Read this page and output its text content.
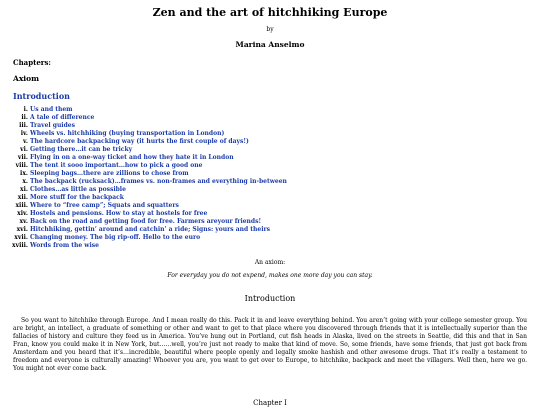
Zen and the art of hitchhiking Europe
by
Marina Anselmo
Chapters:
Axiom
Introduction
i. Us and them
ii. A tale of difference
iii. Travel guides
iv. Wheels vs. hitchhiking (buying transportation in London)
v. The hardcore backpacking way (it hurts the first couple of days!)
vi. Getting there…it can be tricky
vii. Flying in on a one-way ticket and how they hate it in London
viii. The tent it sooo important…how to pick a good one
ix. Sleeping bags…there are zillions to chose from
x. The backpack (rucksack)…frames vs. non-frames and everything in-between
xi. Clothes…as little as possible
xii. More stuff for the backpack
xiii. Where to “free camp”; Squats and squatters
xiv. Hostels and pensions. How to stay at hostels for free
xv. Back on the road and getting food for free. Farmers areyour friends!
xvi. Hitchhiking, gettin’ around and catchin’ a ride; Signs: yours and theirs
xvii. Changing money. The big rip-off. Hello to the euro
xviii. Words from the wise
An axiom:
For everyday you do not expend, makes one more day you can stay.
Introduction

So you want to hitchhike through Europe. And I mean really do this. Pack it in and leave everything behind. You aren’t going with your college semester group. You are bright, an intellect, a graduate of something or other and want to get to that place where you discovered through friends that it is intellectually superior than the fallacies of history and culture they feed us in America. You’ve hung out in Portland, cut fish heads in Alaska, lived on the streets in Seattle, did this and that in San Fran, know you could make it in New York, but……well, you’re just not ready to make that kind of move. So, some friends, have some friends, that just got back from Amsterdam and you heard that it’s…incredible, beautiful where people openly and legally smoke hashish and other awesome drugs. That it’s really a testament to freedom and everyone is culturally amazing! Whoever you are, you want to get over to Europe, to hitchhike, backpack and meet the villagers. Well then, here we go. You might not ever come back.

Chapter I
